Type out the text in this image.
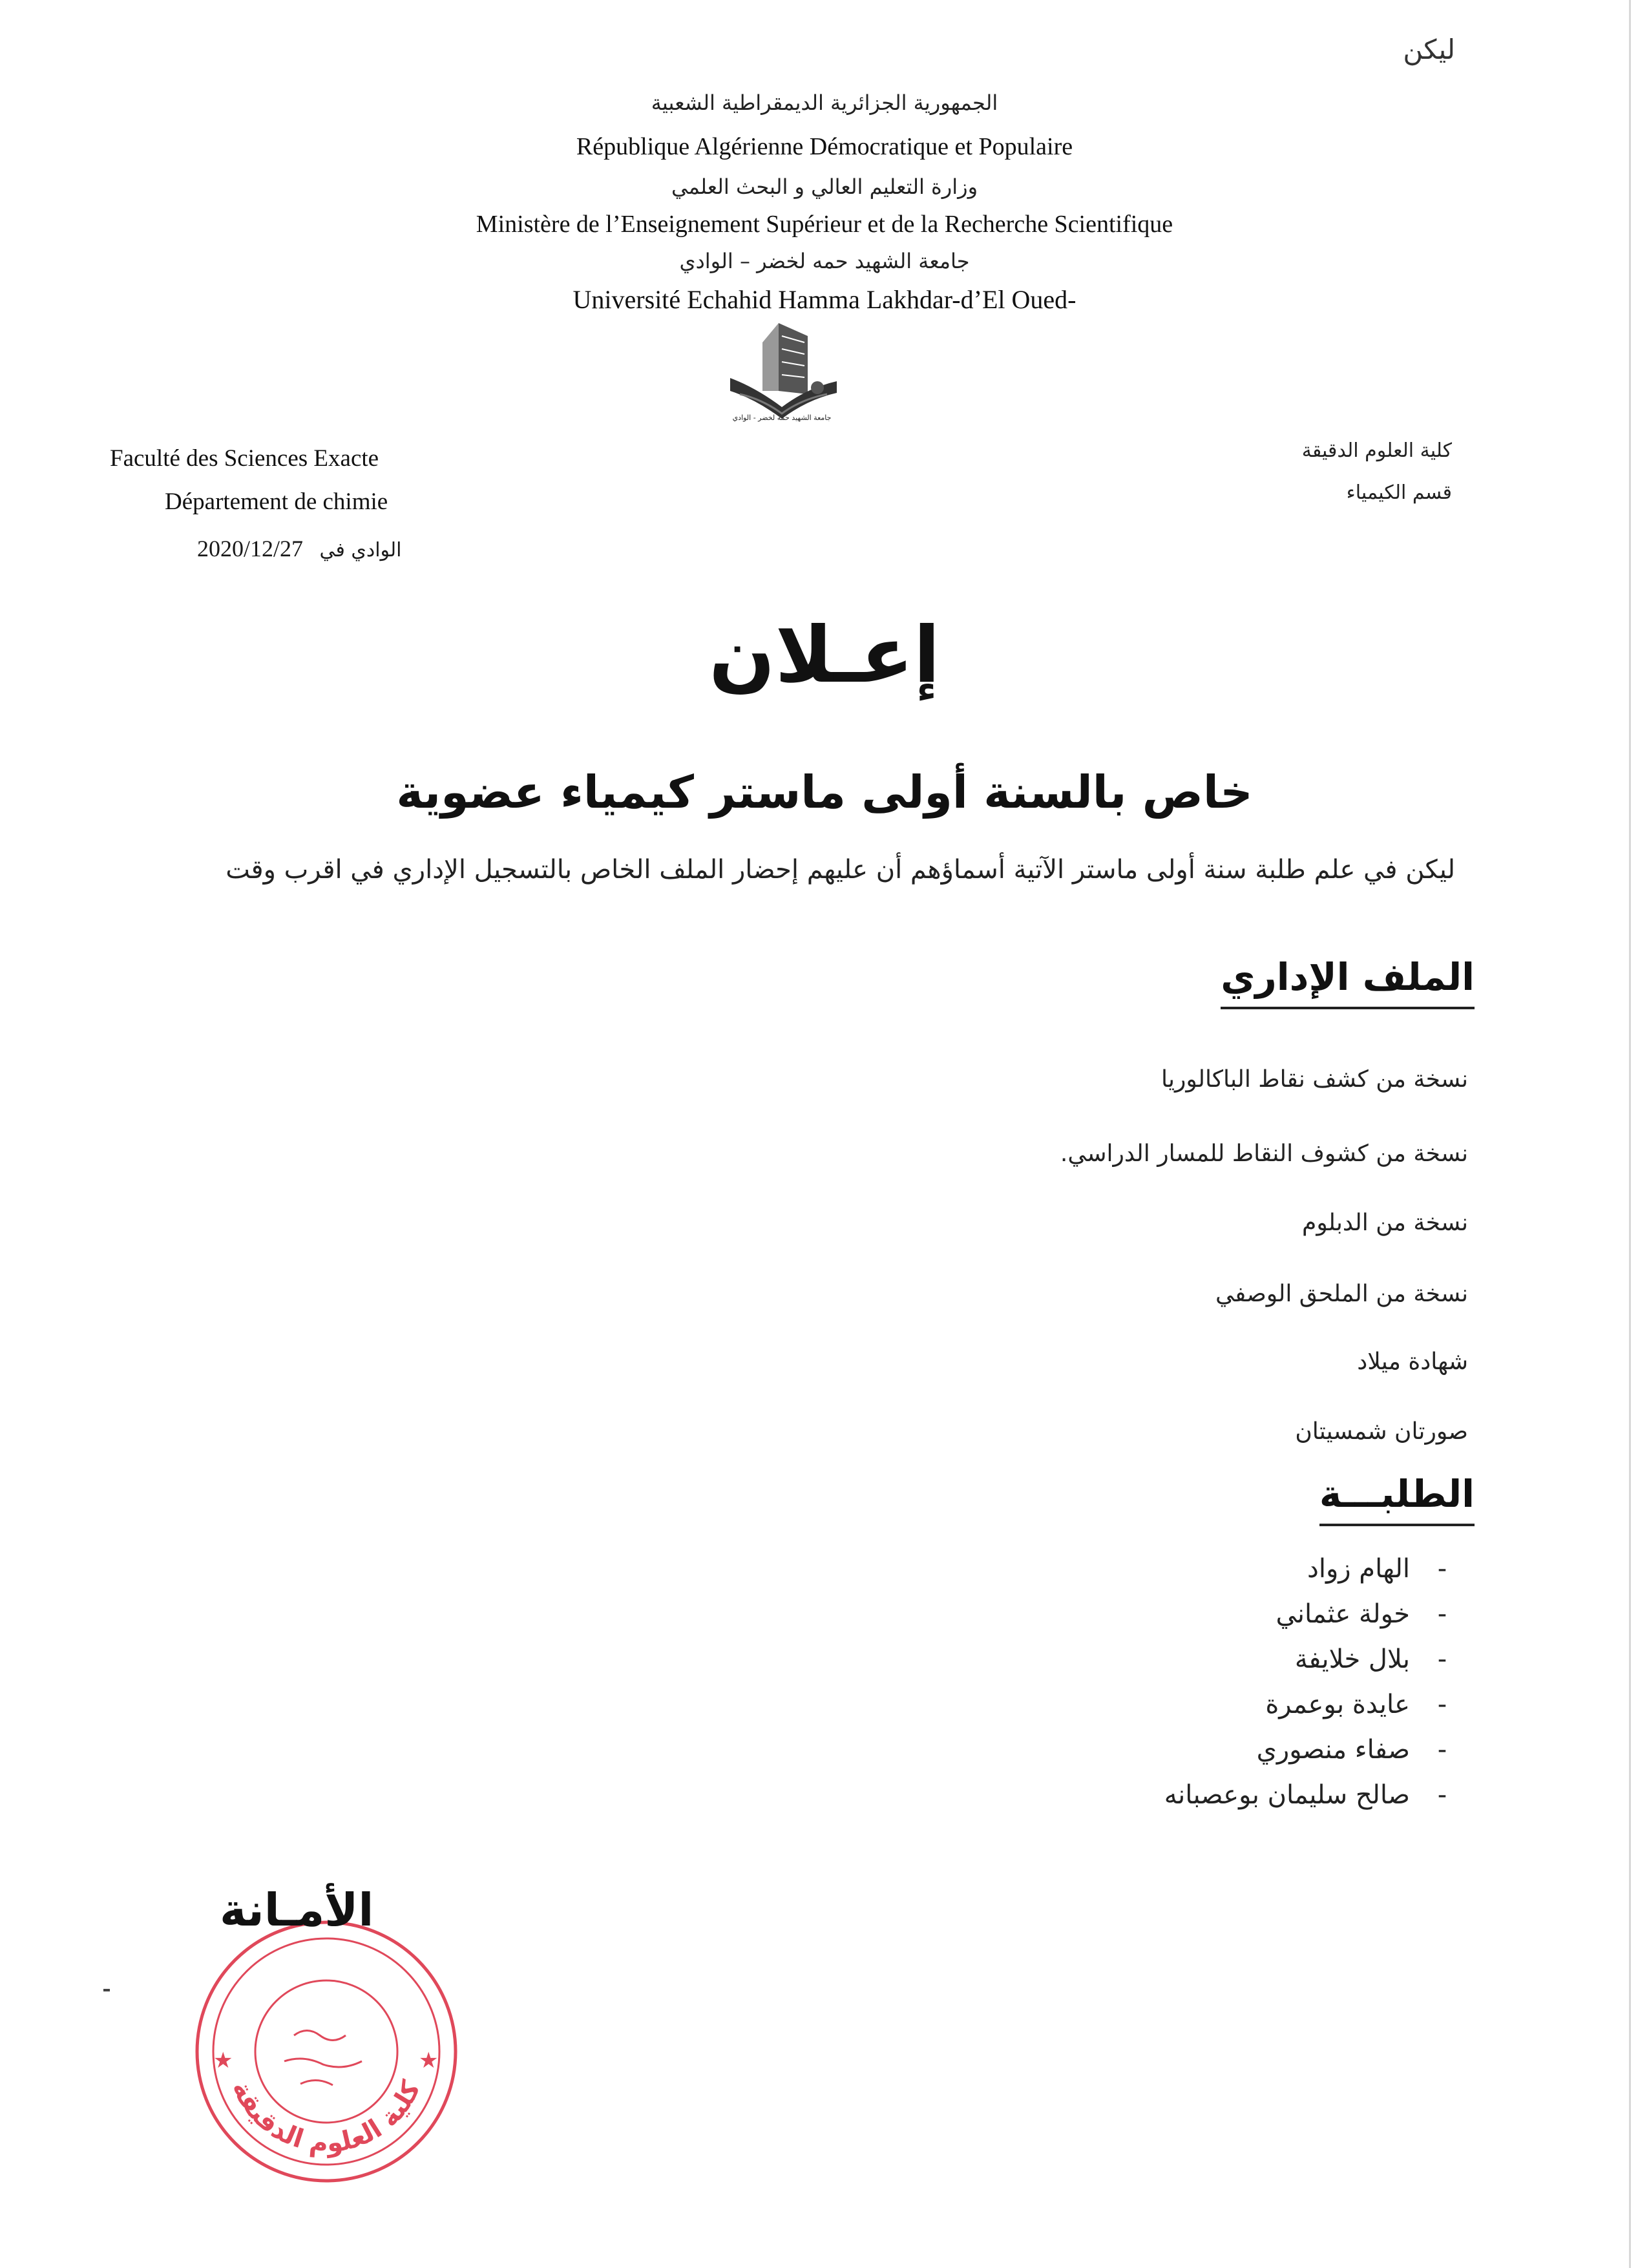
ليكن
الجمهورية الجزائرية الديمقراطية الشعبية
République Algérienne Démocratique et Populaire
وزارة التعليم العالي و البحث العلمي
Ministère de l’Enseignement Supérieur et de la Recherche Scientifique
جامعة الشهيد حمه لخضر – الوادي
Université Echahid Hamma Lakhdar-d’El Oued-
جامعة الشهيد حمه لخضر - الوادي
كلية العلوم الدقيقة
قسم الكيمياء
Faculté des Sciences Exacte
Département de chimie
2020/12/27 الوادي في
إعـلان
خاص بالسنة أولى ماستر كيمياء عضوية
ليكن في علم طلبة سنة أولى ماستر الآتية أسماؤهم أن عليهم إحضار الملف الخاص بالتسجيل الإداري في اقرب وقت
الملف الإداري
نسخة من كشف نقاط الباكالوريا
نسخة من كشوف النقاط للمسار الدراسي.
نسخة من الدبلوم
نسخة من الملحق الوصفي
شهادة ميلاد
صورتان شمسيتان
الطلبـــة
-الهام زواد
-خولة عثماني
-بلال خلايفة
-عايدة بوعمرة
-صفاء منصوري
-صالح سليمان بوعصبانه
★	★
كلية العلوم الدقيقة
الأمـانة
